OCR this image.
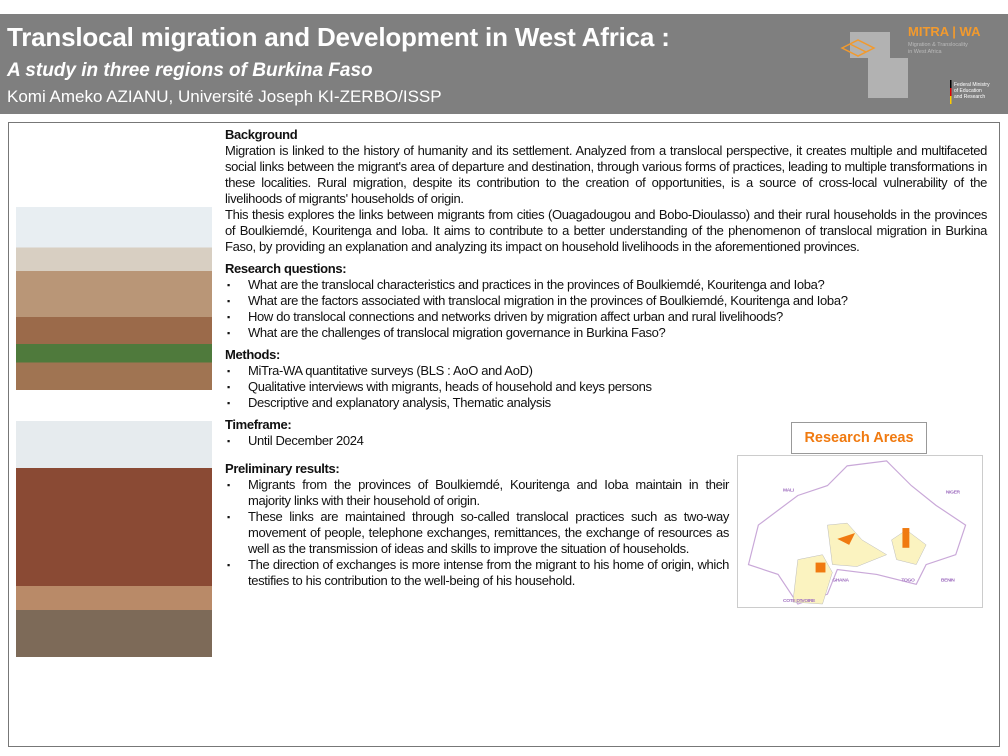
Translocal migration and Development in West Africa :
A study in three regions of Burkina Faso
Komi Ameko AZIANU, Université Joseph KI-ZERBO/ISSP
MITRA | WA
Migration & Translocality
in West Africa
Federal Ministry
of Education
and Research
Research Areas
MALI	NIGER
GHANA	TOGO	BENIN
COTE D'IVOIRE
Background
Migration is linked to the history of humanity and its settlement. Analyzed from a translocal perspective, it creates multiple and multifaceted social links between the migrant's area of departure and destination, through various forms of practices, leading to multiple transformations in these localities. Rural migration, despite its contribution to the creation of opportunities, is a source of cross-local vulnerability of the livelihoods of migrants' households of origin.
This thesis explores the links between migrants from cities (Ouagadougou and Bobo-Dioulasso) and their rural households in the provinces of Boulkiemdé, Kouritenga and Ioba. It aims to contribute to a better understanding of the phenomenon of translocal migration in Burkina Faso, by providing an explanation and analyzing its impact on household livelihoods in the aforementioned provinces.
Research questions:
▪ What are the translocal characteristics and practices in the provinces of Boulkiemdé, Kouritenga and Ioba?
▪ What are the factors associated with translocal migration in the provinces of Boulkiemdé, Kouritenga and Ioba?
▪ How do translocal connections and networks driven by migration affect urban and rural livelihoods?
▪ What are the challenges of translocal migration governance in Burkina Faso?
Methods:
▪ MiTra-WA quantitative surveys (BLS : AoO and AoD)
▪ Qualitative interviews with migrants, heads of household and keys persons
▪ Descriptive and explanatory analysis, Thematic analysis
Timeframe:
▪ Until December 2024
Preliminary results:
▪ Migrants from the provinces of Boulkiemdé, Kouritenga and Ioba maintain in their majority links with their household of origin.
▪ These links are maintained through so-called translocal practices such as two-way movement of people, telephone exchanges, remittances, the exchange of resources as well as the transmission of ideas and skills to improve the situation of households.
▪ The direction of exchanges is more intense from the migrant to his home of origin, which testifies to his contribution to the well-being of his household.
